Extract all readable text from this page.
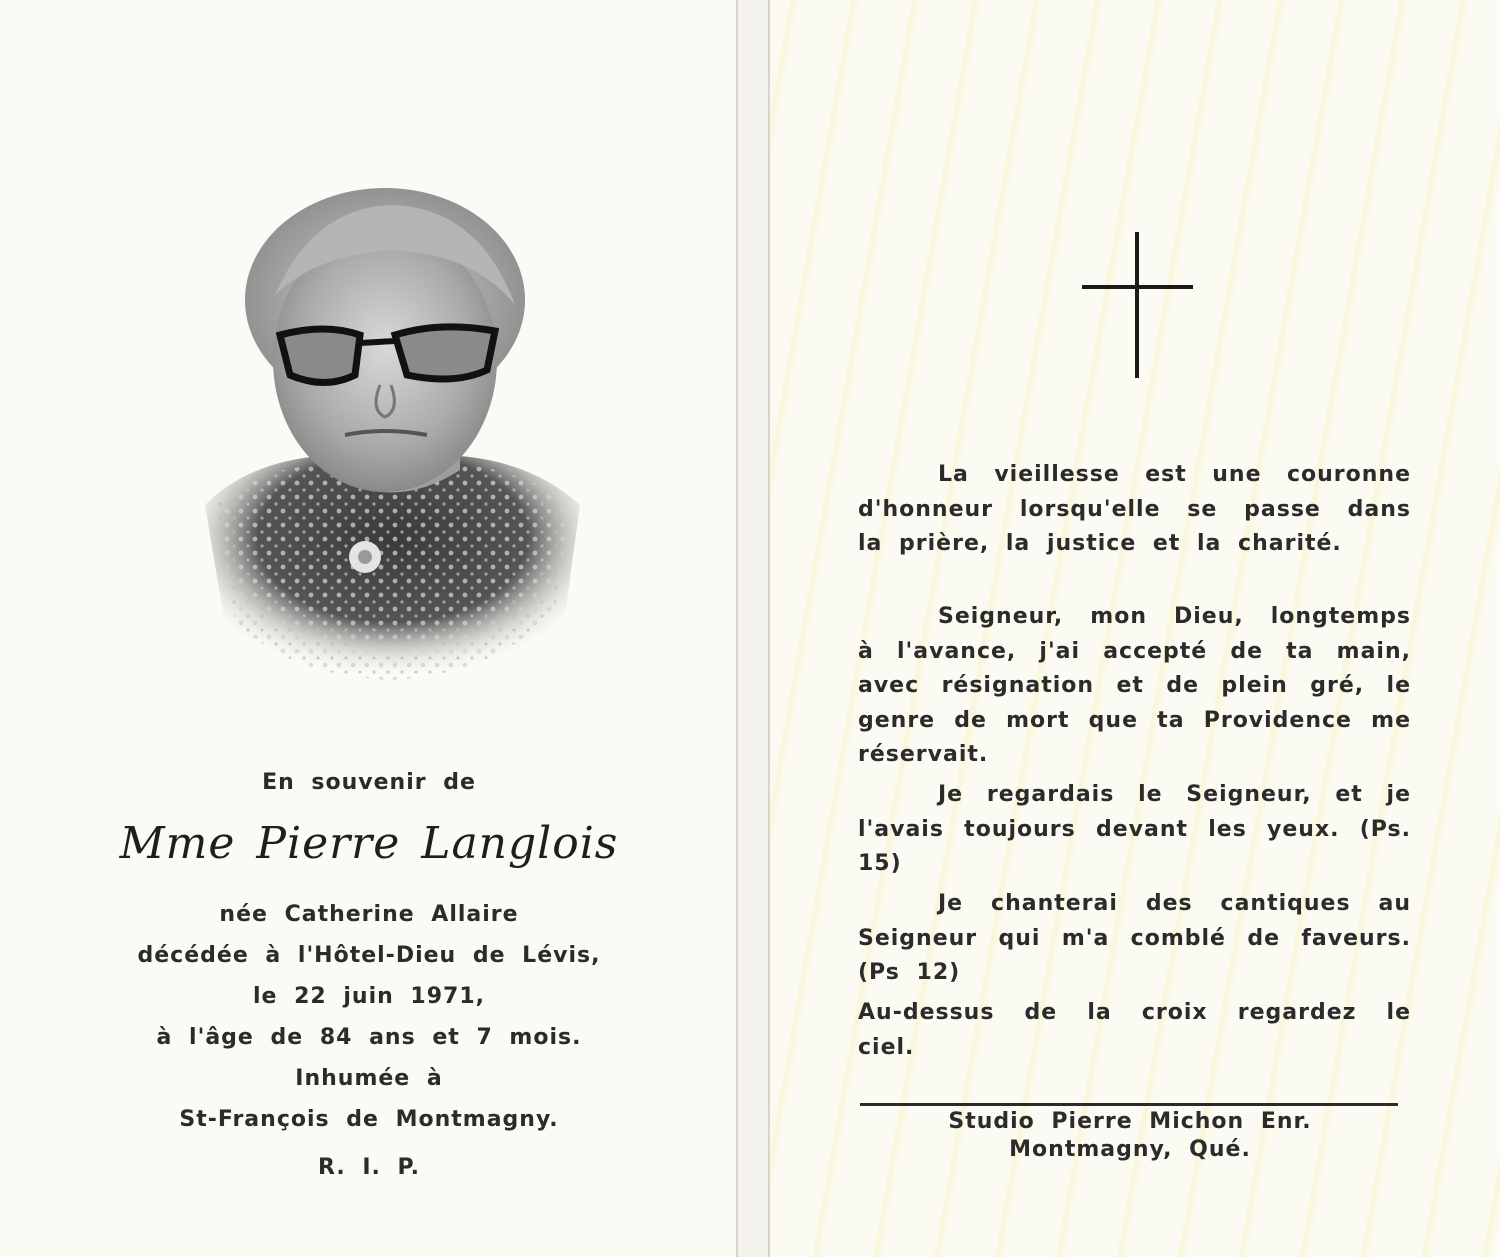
En souvenir de
Mme Pierre Langlois
née Catherine Allaire
décédée à l'Hôtel-Dieu de Lévis,
le 22 juin 1971,
à l'âge de 84 ans et 7 mois.
Inhumée à
St-François de Montmagny.
R. I. P.
La vieillesse est une couronne d'honneur lorsqu'elle se passe dans la prière, la justice et la charité.
Seigneur, mon Dieu, longtemps à l'avance, j'ai accepté de ta main, avec résignation et de plein gré, le genre de mort que ta Providence me réservait.
Je regardais le Seigneur, et je l'avais toujours devant les yeux. (Ps. 15)
Je chanterai des cantiques au Seigneur qui m'a comblé de faveurs.(Ps 12)
Au-dessus de la croix regardez le ciel.
Studio Pierre Michon Enr.
Montmagny, Qué.
